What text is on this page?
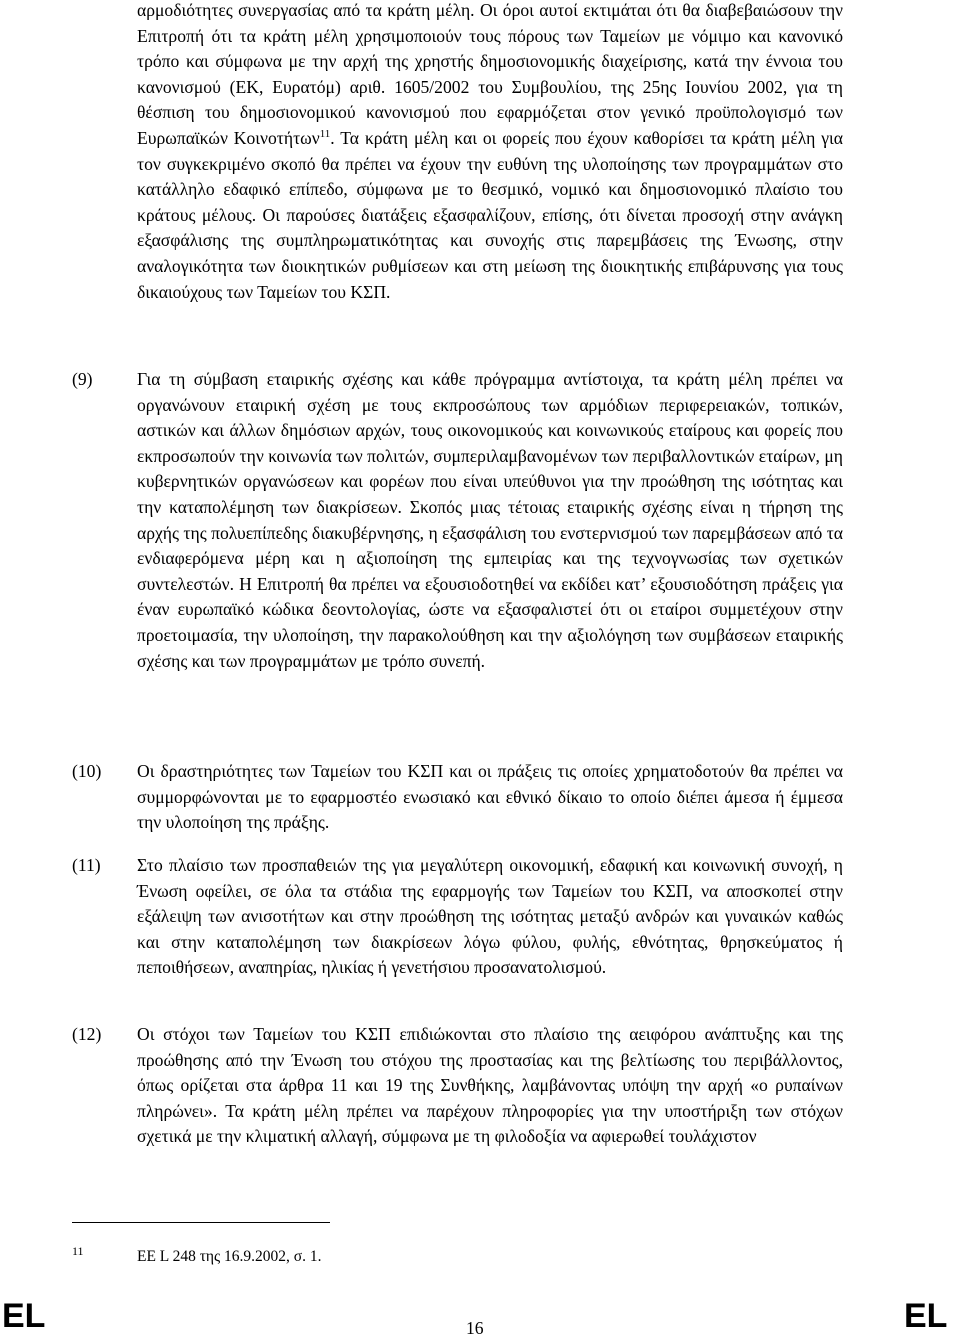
αρμοδιότητες συνεργασίας από τα κράτη μέλη. Οι όροι αυτοί εκτιμάται ότι θα διαβεβαιώσουν την Επιτροπή ότι τα κράτη μέλη χρησιμοποιούν τους πόρους των Ταμείων με νόμιμο και κανονικό τρόπο και σύμφωνα με την αρχή της χρηστής δημοσιονομικής διαχείρισης, κατά την έννοια του κανονισμού (ΕΚ, Ευρατόμ) αριθ. 1605/2002 του Συμβουλίου, της 25ης Ιουνίου 2002, για τη θέσπιση του δημοσιονομικού κανονισμού που εφαρμόζεται στον γενικό προϋπολογισμό των Ευρωπαϊκών Κοινοτήτων$^{11}$. Τα κράτη μέλη και οι φορείς που έχουν καθορίσει τα κράτη μέλη για τον συγκεκριμένο σκοπό θα πρέπει να έχουν την ευθύνη της υλοποίησης των προγραμμάτων στο κατάλληλο εδαφικό επίπεδο, σύμφωνα με το θεσμικό, νομικό και δημοσιονομικό πλαίσιο του κράτους μέλους. Οι παρούσες διατάξεις εξασφαλίζουν, επίσης, ότι δίνεται προσοχή στην ανάγκη εξασφάλισης της συμπληρωματικότητας και συνοχής στις παρεμβάσεις της Ένωσης, στην αναλογικότητα των διοικητικών ρυθμίσεων και στη μείωση της διοικητικής επιβάρυνσης για τους δικαιούχους των Ταμείων του ΚΣΠ.

(9)	Για τη σύμβαση εταιρικής σχέσης και κάθε πρόγραμμα αντίστοιχα, τα κράτη μέλη πρέπει να οργανώνουν εταιρική σχέση με τους εκπροσώπους των αρμόδιων περιφερειακών, τοπικών, αστικών και άλλων δημόσιων αρχών, τους οικονομικούς και κοινωνικούς εταίρους και φορείς που εκπροσωπούν την κοινωνία των πολιτών, συμπεριλαμβανομένων των περιβαλλοντικών εταίρων, μη κυβερνητικών οργανώσεων και φορέων που είναι υπεύθυνοι για την προώθηση της ισότητας και την καταπολέμηση των διακρίσεων. Σκοπός μιας τέτοιας εταιρικής σχέσης είναι η τήρηση της αρχής της πολυεπίπεδης διακυβέρνησης, η εξασφάλιση του ενστερνισμού των παρεμβάσεων από τα ενδιαφερόμενα μέρη και η αξιοποίηση της εμπειρίας και της τεχνογνωσίας των σχετικών συντελεστών. Η Επιτροπή θα πρέπει να εξουσιοδοτηθεί να εκδίδει κατ’ εξουσιοδότηση πράξεις για έναν ευρωπαϊκό κώδικα δεοντολογίας, ώστε να εξασφαλιστεί ότι οι εταίροι συμμετέχουν στην προετοιμασία, την υλοποίηση, την παρακολούθηση και την αξιολόγηση των συμβάσεων εταιρικής σχέσης και των προγραμμάτων με τρόπο συνεπή.

(10) Οι δραστηριότητες των Ταμείων του ΚΣΠ και οι πράξεις τις οποίες χρηματοδοτούν θα πρέπει να συμμορφώνονται με το εφαρμοστέο ενωσιακό και εθνικό δίκαιο το οποίο διέπει άμεσα ή έμμεσα την υλοποίηση της πράξης.

(11) Στο πλαίσιο των προσπαθειών της για μεγαλύτερη οικονομική, εδαφική και κοινωνική συνοχή, η Ένωση οφείλει, σε όλα τα στάδια της εφαρμογής των Ταμείων του ΚΣΠ, να αποσκοπεί στην εξάλειψη των ανισοτήτων και στην προώθηση της ισότητας μεταξύ ανδρών και γυναικών καθώς και στην καταπολέμηση των διακρίσεων λόγω φύλου, φυλής, εθνότητας, θρησκεύματος ή πεποιθήσεων, αναπηρίας, ηλικίας ή γενετήσιου προσανατολισμού.

(12) Οι στόχοι των Ταμείων του ΚΣΠ επιδιώκονται στο πλαίσιο της αειφόρου ανάπτυξης και της προώθησης από την Ένωση του στόχου της προστασίας και της βελτίωσης του περιβάλλοντος, όπως ορίζεται στα άρθρα 11 και 19 της Συνθήκης, λαμβάνοντας υπόψη την αρχή «ο ρυπαίνων πληρώνει». Τα κράτη μέλη πρέπει να παρέχουν πληροφορίες για την υποστήριξη των στόχων σχετικά με την κλιματική αλλαγή, σύμφωνα με τη φιλοδοξία να αφιερωθεί τουλάχιστον

11	ΕΕ L 248 της 16.9.2002, σ. 1.
EL	16	EL
